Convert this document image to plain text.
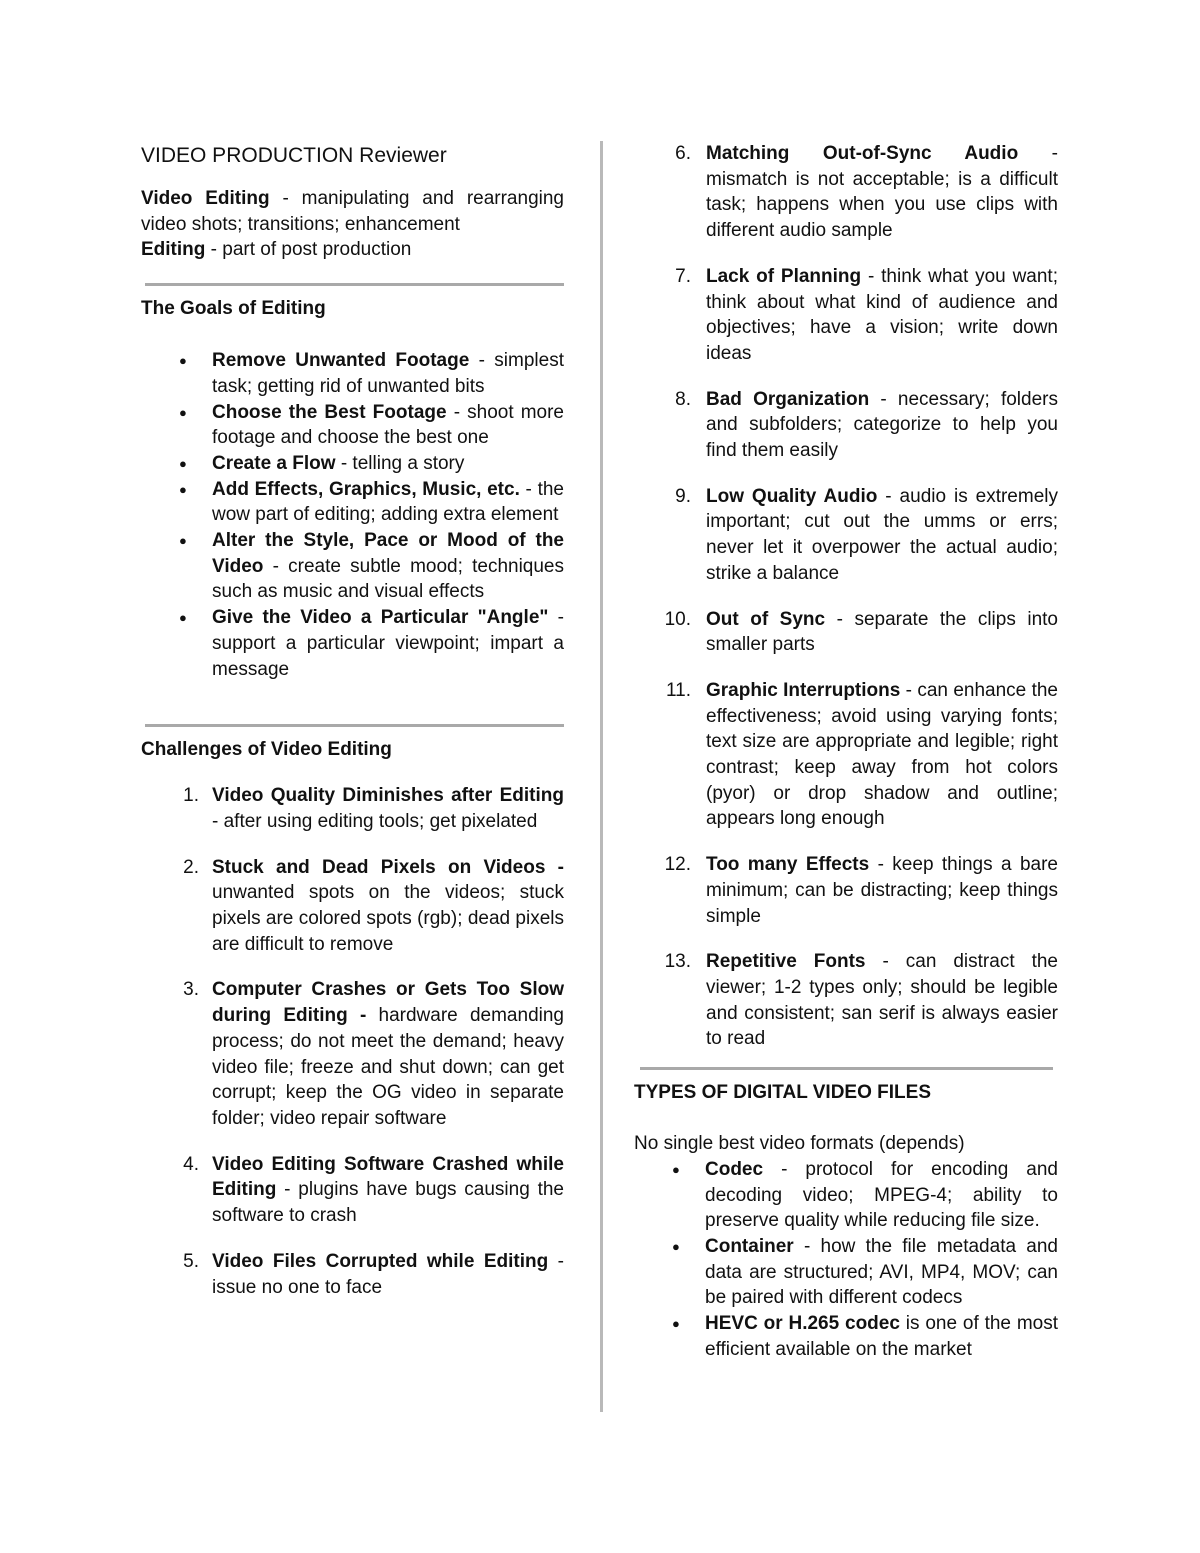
VIDEO PRODUCTION Reviewer

Video Editing - manipulating and rearranging video shots; transitions; enhancement

Editing - part of post production

The Goals of Editing
● Remove Unwanted Footage - simplest task; getting rid of unwanted bits
● Choose the Best Footage - shoot more footage and choose the best one
● Create a Flow - telling a story
● Add Effects, Graphics, Music, etc. - the wow part of editing; adding extra element
● Alter the Style, Pace or Mood of the Video - create subtle mood; techniques such as music and visual effects
● Give the Video a Particular "Angle" - support a particular viewpoint; impart a message
Challenges of Video Editing
1. Video Quality Diminishes after Editing - after using editing tools; get pixelated
2. Stuck and Dead Pixels on Videos - unwanted spots on the videos; stuck pixels are colored spots (rgb); dead pixels are difficult to remove
3. Computer Crashes or Gets Too Slow during Editing - hardware demanding process; do not meet the demand; heavy video file; freeze and shut down; can get corrupt; keep the OG video in separate folder; video repair software
4. Video Editing Software Crashed while Editing - plugins have bugs causing the software to crash
5. Video Files Corrupted while Editing - issue no one to face
6. Matching Out-of-Sync Audio - mismatch is not acceptable; is a difficult task; happens when you use clips with different audio sample
7. Lack of Planning - think what you want; think about what kind of audience and objectives; have a vision; write down ideas
8. Bad Organization - necessary; folders and subfolders; categorize to help you find them easily
9. Low Quality Audio - audio is extremely important; cut out the umms or errs; never let it overpower the actual audio; strike a balance
10. Out of Sync - separate the clips into smaller parts
11. Graphic Interruptions - can enhance the effectiveness; avoid using varying fonts; text size are appropriate and legible; right contrast; keep away from hot colors (pyor) or drop shadow and outline; appears long enough
12. Too many Effects - keep things a bare minimum; can be distracting; keep things simple
13. Repetitive Fonts - can distract the viewer; 1-2 types only; should be legible and consistent; san serif is always easier to read
TYPES OF DIGITAL VIDEO FILES

No single best video formats (depends)

● Codec - protocol for encoding and decoding video; MPEG-4; ability to preserve quality while reducing file size.
● Container - how the file metadata and data are structured; AVI, MP4, MOV; can be paired with different codecs
● HEVC or H.265 codec is one of the most efficient available on the market
